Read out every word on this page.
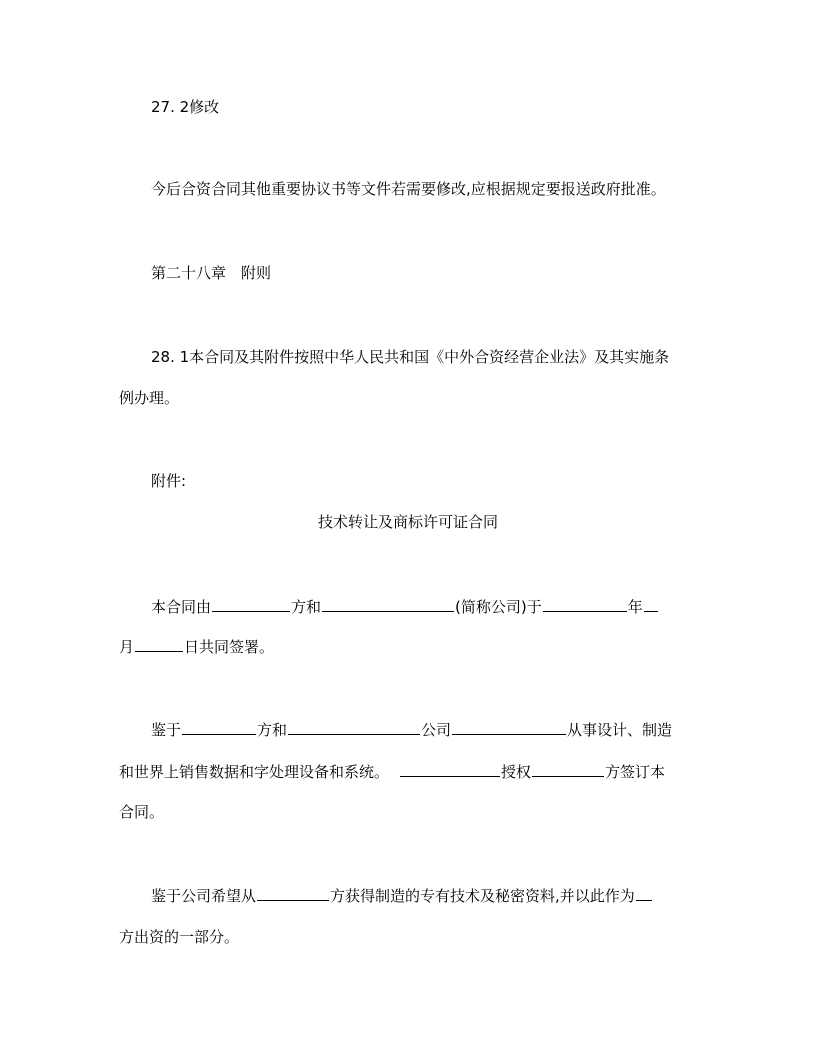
27. 2修改
今后合资合同其他重要协议书等文件若需要修改,应根据规定要报送政府批准。
第二十八章　附则
28. 1本合同及其附件按照中华人民共和国《中外合资经营企业法》及其实施条
例办理。
附件:
技术转让及商标许可证合同
本合同由	方和	(简称公司)于	年
月	日共同签署。
鉴于	方和	公司	从事设计、制造
和世界上销售数据和字处理设备和系统。	授权	方签订本
合同。
鉴于公司希望从	方获得制造的专有技术及秘密资料,并以此作为
方出资的一部分。
